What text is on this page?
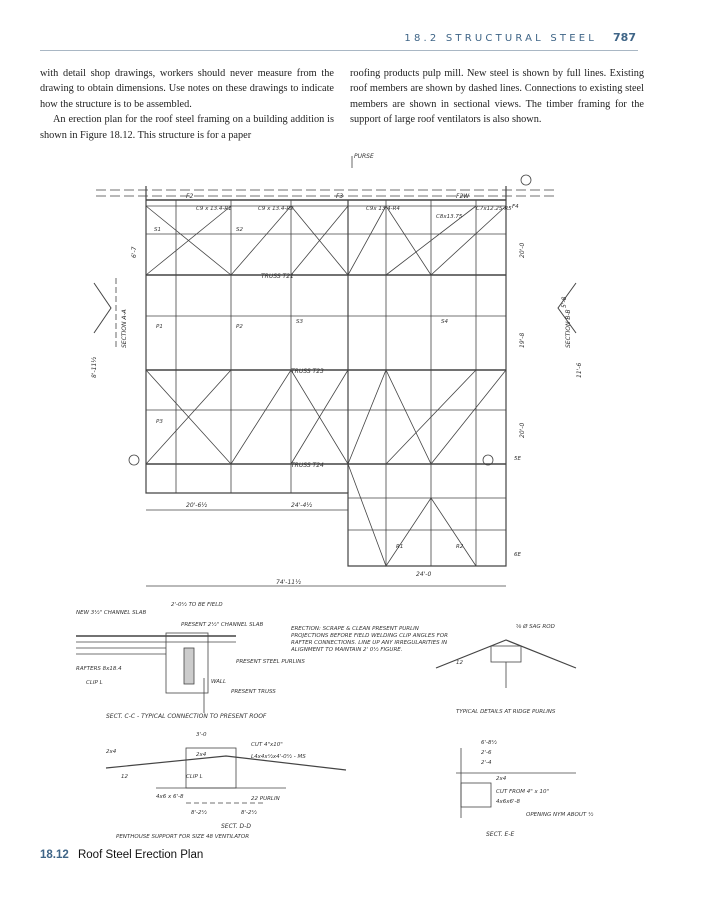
18.2 STRUCTURAL STEEL 787

with detail shop drawings, workers should never measure from the drawing to obtain dimensions. Use notes on these drawings to indicate how the structure is to be assembled.

An erection plan for the roof steel framing on a building addition is shown in Figure 18.12. This structure is for a paper

roofing products pulp mill. New steel is shown by full lines. Existing roof members are shown by dashed lines. Connections to existing steel members are shown in sectional views. The timber framing for the support of large roof ventilators is also shown.

PURSE
F2	F3	F2W
C9 x 13.4-R1	C9 x 13.4-R2	C9x 13.4-R4
C8x13.75
C7x12.25-R5
TRUSS T21
TRUSS T23
TRUSS T24
S1	S2
S3	S4
P1	P2
P3
R1	R2
F4
5E
6E
SECTION A-A	SECTION B-B
20'-6½	24'-4½
74'-11½
24'-0
20'-0
19'-8
20'-0
6'-7
8'-11½
5'-8
11'-6
2'-0½ TO BE FIELD
NEW 3½" CHANNEL SLAB
PRESENT 2½" CHANNEL SLAB
PRESENT STEEL PURLINS
RAFTERS 8x18.4
CLIP L
PRESENT TRUSS
WALL
ERECTION: SCRAPE & CLEAN PRESENT PURLIN PROJECTIONS BEFORE FIELD WELDING CLIP ANGLES FOR RAFTER CONNECTIONS. LINE UP ANY IRREGULARITIES IN ALIGNMENT TO MAINTAIN 2' 0½ FIGURE.
SECT. C-C - TYPICAL CONNECTION TO PRESENT ROOF
⅝ Ø SAG ROD
12
TYPICAL DETAILS AT RIDGE PURLINS
3'-0
CUT 4"x10"
L4x4x½x4'-0½ - MS
2x4	2x4
4x6 x 6'-8
CLIP L
8'-2½	8'-2½
22 PURLIN
12
SECT. D-D
PENTHOUSE SUPPORT FOR SIZE 48 VENTILATOR
6'-8½
2'-6
2'-4
2x4
CUT FROM 4" x 10"
4x6x6'-8
OPENING NYM ABOUT ½
SECT. E-E
18.12 Roof Steel Erection Plan
